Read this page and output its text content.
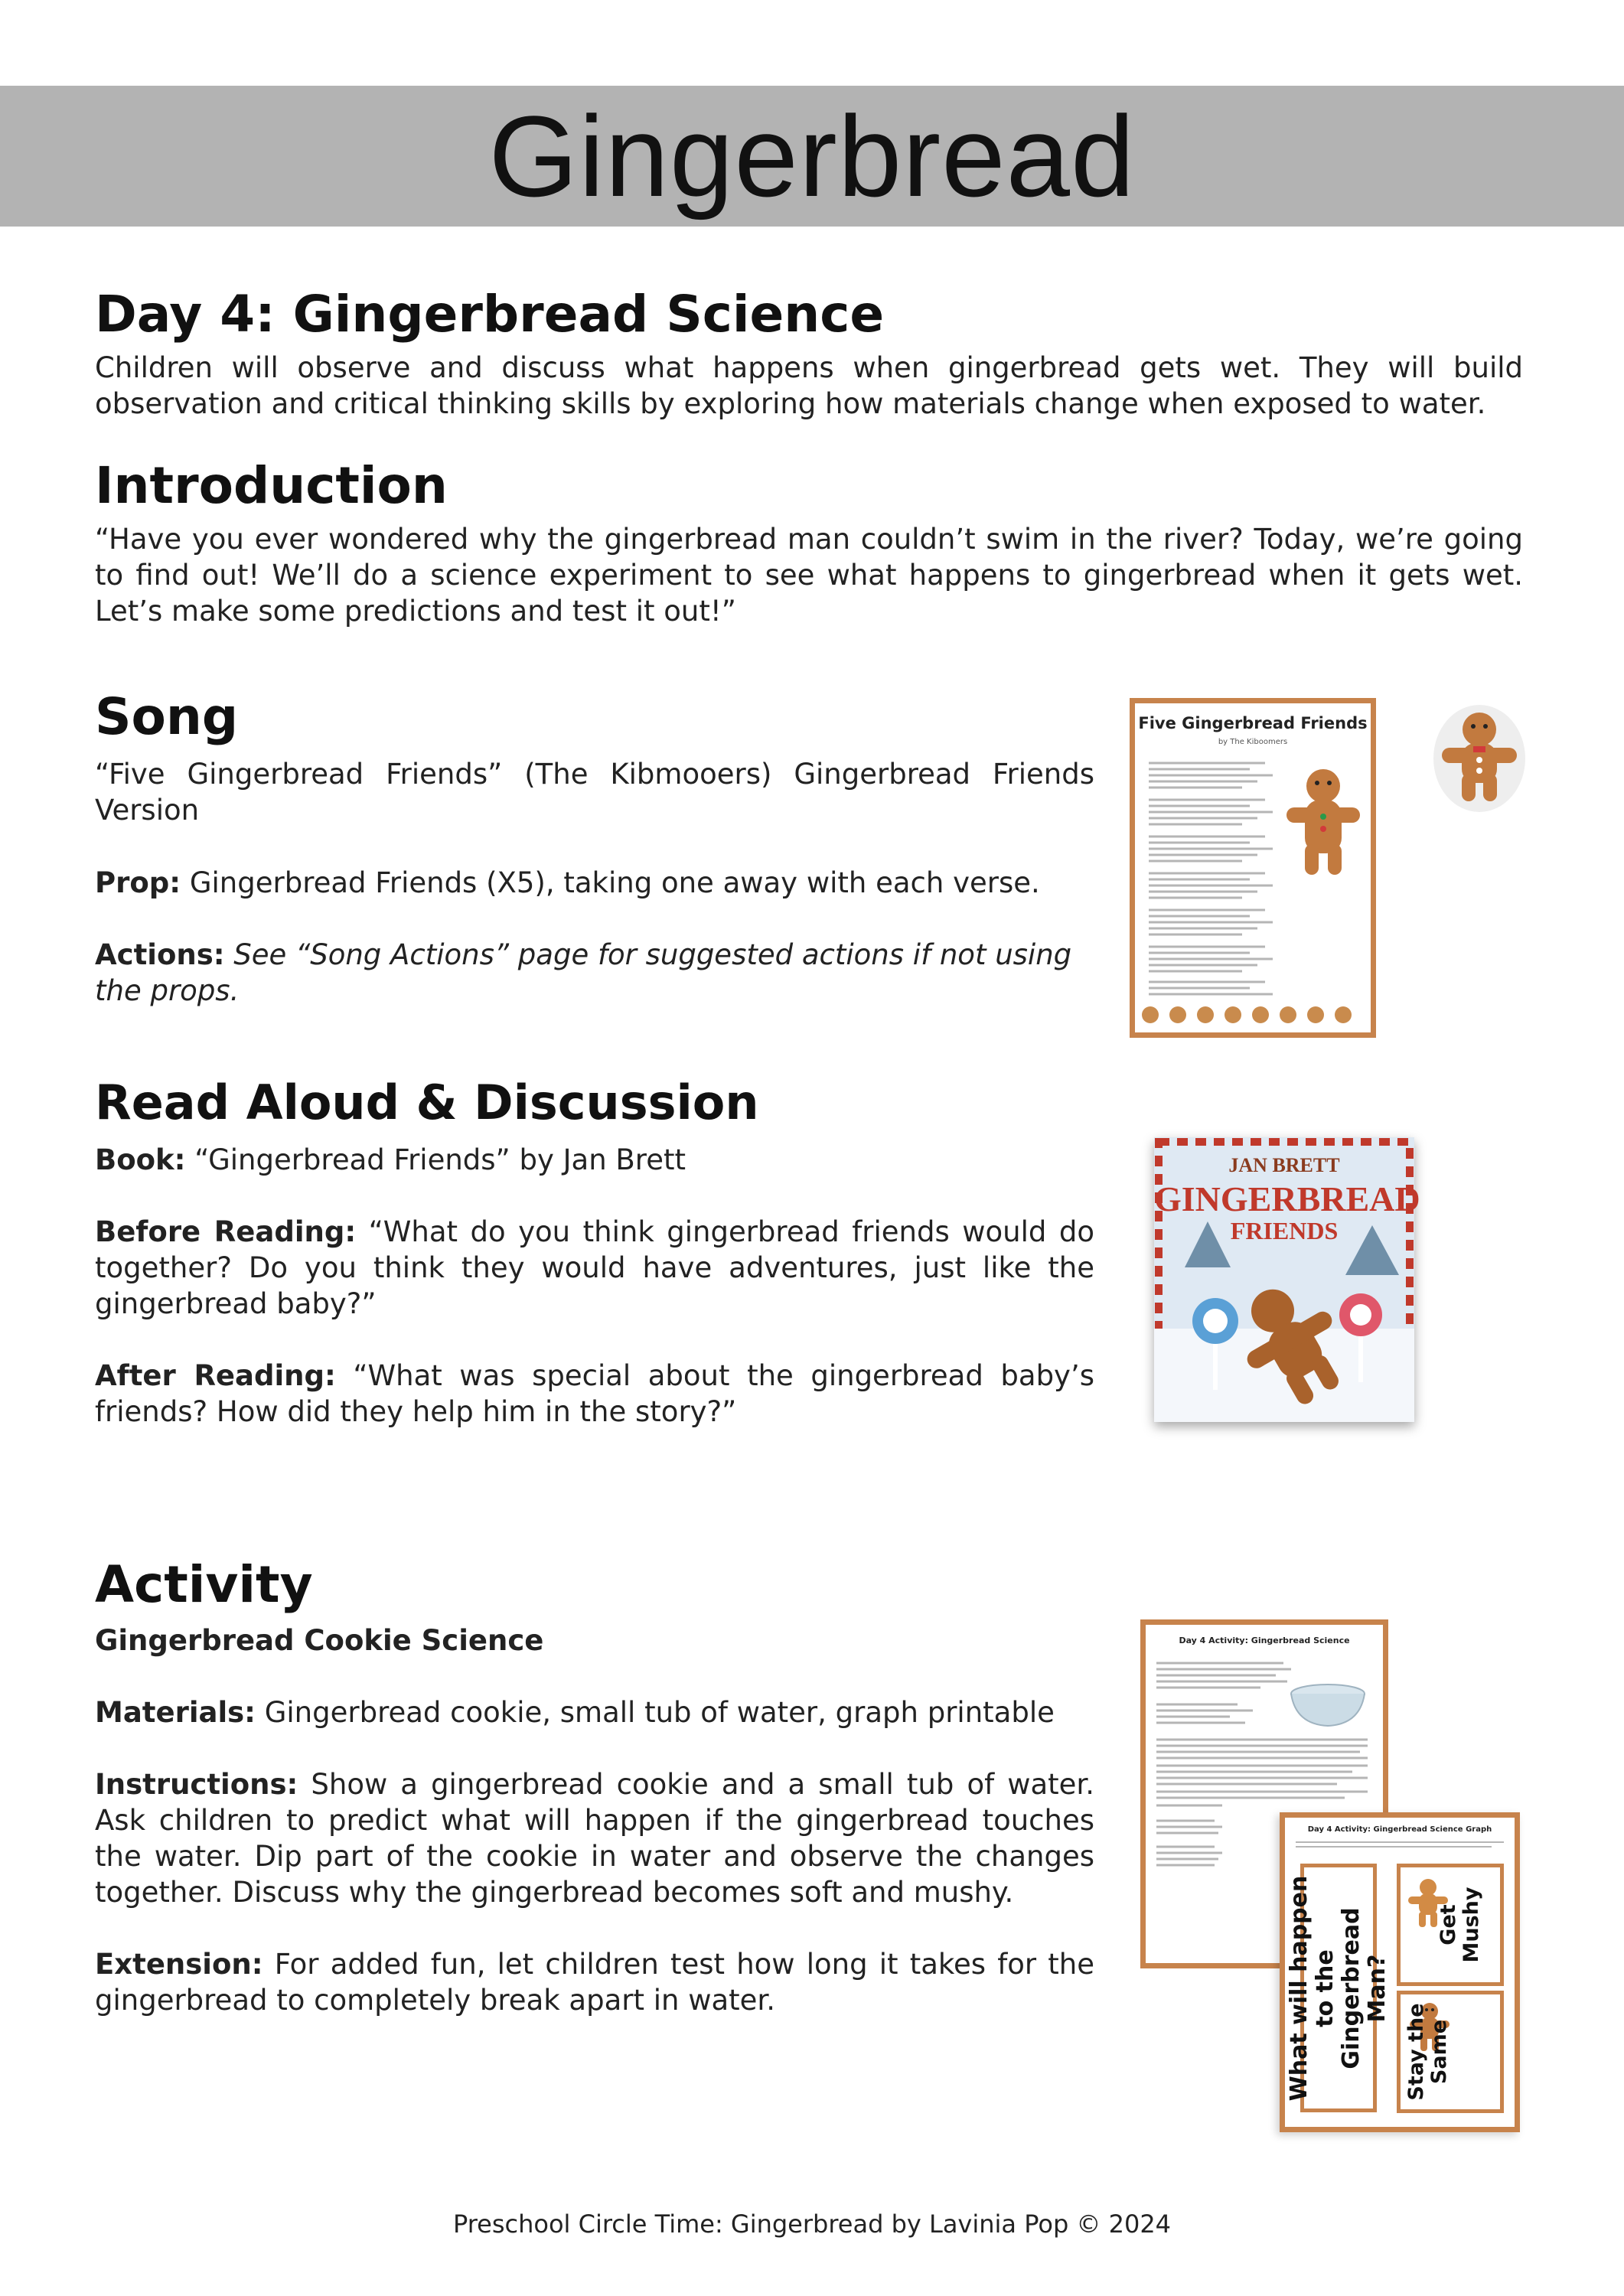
Gingerbread
Day 4: Gingerbread Science

Children will observe and discuss what happens when gingerbread gets wet. They will build observation and critical thinking skills by exploring how materials change when exposed to water.

Introduction

“Have you ever wondered why the gingerbread man couldn’t swim in the river? Today, we’re going to find out! We’ll do a science experiment to see what happens to gingerbread when it gets wet. Let’s make some predictions and test it out!”

Song

“Five Gingerbread Friends” (The Kibmooers) Gingerbread Friends Version

Prop: Gingerbread Friends (X5), taking one away with each verse.

Actions: See “Song Actions” page for suggested actions if not using the props.

Five Gingerbread Friends
by The Kiboomers
Read Aloud & Discussion

Book: “Gingerbread Friends” by Jan Brett

Before Reading: “What do you think gingerbread friends would do together? Do you think they would have adventures, just like the gingerbread baby?”

After Reading: “What was special about the gingerbread baby’s friends? How did they help him in the story?”

JAN BRETT
GINGERBREAD
FRIENDS
Activity

Gingerbread Cookie Science

Materials: Gingerbread cookie, small tub of water, graph printable

Instructions: Show a gingerbread cookie and a small tub of water. Ask children to predict what will happen if the gingerbread touches the water. Dip part of the cookie in water and observe the changes together. Discuss why the gingerbread becomes soft and mushy.

Extension: For added fun, let children test how long it takes for the gingerbread to completely break apart in water.

Day 4 Activity: Gingerbread Science
Day 4 Activity: Gingerbread Science Graph
What will happen to the Gingerbread Man?
Get Mushy
Stay the Same
Preschool Circle Time: Gingerbread by Lavinia Pop © 2024
